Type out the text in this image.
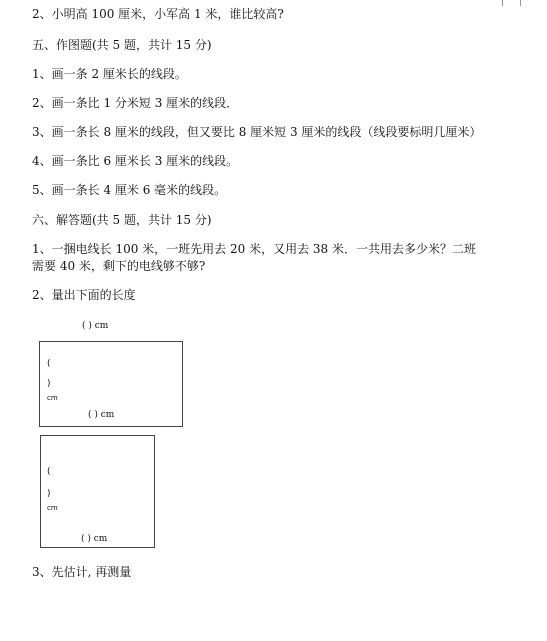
2、小明高 100 厘米，小军高 1 米，谁比较高?
五、作图题(共 5 题，共计 15 分)
1、画一条 2 厘米长的线段。
2、画一条比 1 分米短 3 厘米的线段．
3、画一条长 8 厘米的线段，但又要比 8 厘米短 3 厘米的线段（线段要标明几厘米）
4、画一条比 6 厘米长 3 厘米的线段。
5、画一条长 4 厘米 6 毫米的线段。
六、解答题(共 5 题，共计 15 分)
1、一捆电线长 100 米，一班先用去 20 米，又用去 38 米．一共用去多少米？二班
需要 40 米，剩下的电线够不够?
2、量出下面的长度
( ) cm
(
)
cm
( ) cm
(
)
cm
( ) cm
3、先估计, 再测量
